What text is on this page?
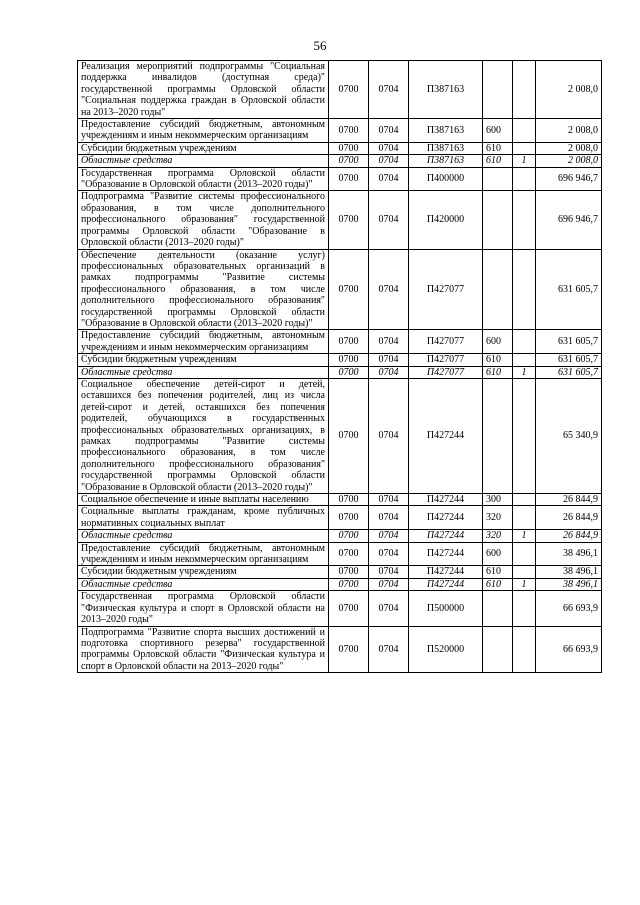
56
Реализация мероприятий подпрограммы "Социальная поддержка инвалидов (доступная среда)" государственной программы Орловской области "Социальная поддержка граждан в Орловской области на 2013–2020 годы"	0700	0704	П387163			2 008,0
Предоставление субсидий бюджетным, автономным учреждениям и иным некоммерческим организациям	0700	0704	П387163	600		2 008,0
Субсидии бюджетным учреждениям	0700	0704	П387163	610		2 008,0
Областные средства	0700	0704	П387163	610	1	2 008,0
Государственная программа Орловской области "Образование в Орловской области (2013–2020 годы)"	0700	0704	П400000			696 946,7
Подпрограмма "Развитие системы профессионального образования, в том числе дополнительного профессионального образования" государственной программы Орловской области "Образование в Орловской области (2013–2020 годы)"	0700	0704	П420000			696 946,7
Обеспечение деятельности (оказание услуг) профессиональных образовательных организаций в рамках подпрограммы "Развитие системы профессионального образования, в том числе дополнительного профессионального образования" государственной программы Орловской области "Образование в Орловской области (2013–2020 годы)"	0700	0704	П427077			631 605,7
Предоставление субсидий бюджетным, автономным учреждениям и иным некоммерческим организациям	0700	0704	П427077	600		631 605,7
Субсидии бюджетным учреждениям	0700	0704	П427077	610		631 605,7
Областные средства	0700	0704	П427077	610	1	631 605,7
Социальное обеспечение детей-сирот и детей, оставшихся без попечения родителей, лиц из числа детей-сирот и детей, оставшихся без попечения родителей, обучающихся в государственных профессиональных образовательных организациях, в рамках подпрограммы "Развитие системы профессионального образования, в том числе дополнительного профессионального образования" государственной программы Орловской области "Образование в Орловской области (2013–2020 годы)"	0700	0704	П427244			65 340,9
Социальное обеспечение и иные выплаты населению	0700	0704	П427244	300		26 844,9
Социальные выплаты гражданам, кроме публичных нормативных социальных выплат	0700	0704	П427244	320		26 844,9
Областные средства	0700	0704	П427244	320	1	26 844,9
Предоставление субсидий бюджетным, автономным учреждениям и иным некоммерческим организациям	0700	0704	П427244	600		38 496,1
Субсидии бюджетным учреждениям	0700	0704	П427244	610		38 496,1
Областные средства	0700	0704	П427244	610	1	38 496,1
Государственная программа Орловской области "Физическая культура и спорт в Орловской области на 2013–2020 годы"	0700	0704	П500000			66 693,9
Подпрограмма "Развитие спорта высших достижений и подготовка спортивного резерва" государственной программы Орловской области "Физическая культура и спорт в Орловской области на 2013–2020 годы"	0700	0704	П520000			66 693,9
